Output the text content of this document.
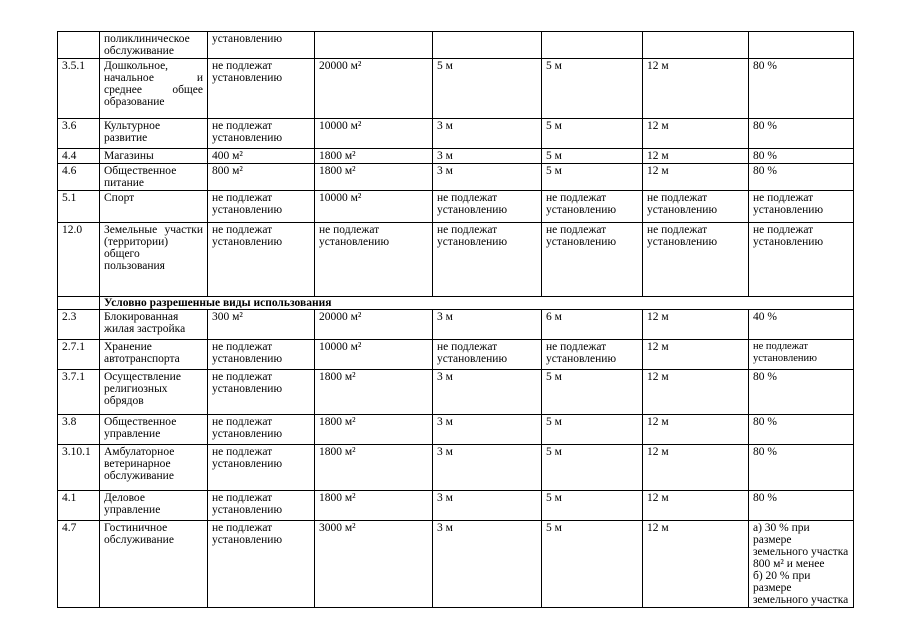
	поликлиническое обслуживание	установлению					
3.5.1	Дошкольное, начальное и среднее общее образование	не подлежат установлению	20000 м²	5 м	5 м	12 м	80 %
3.6	Культурное развитие	не подлежат установлению	10000 м²	3 м	5 м	12 м	80 %
4.4	Магазины	400 м²	1800 м²	3 м	5 м	12 м	80 %
4.6	Общественное питание	800 м²	1800 м²	3 м	5 м	12 м	80 %
5.1	Спорт	не подлежат установлению	10000 м²	не подлежат установлению	не подлежат установлению	не подлежат установлению	не подлежат установлению
12.0	Земельные участки (территории) общего пользования	не подлежат установлению	не подлежат установлению	не подлежат установлению	не подлежат установлению	не подлежат установлению	не подлежат установлению
	Условно разрешенные виды использования						
2.3	Блокированная жилая застройка	300 м²	20000 м²	3 м	6 м	12 м	40 %
2.7.1	Хранение автотранспорта	не подлежат установлению	10000 м²	не подлежат установлению	не подлежат установлению	12 м	не подлежат установлению
3.7.1	Осуществление религиозных обрядов	не подлежат установлению	1800 м²	3 м	5 м	12 м	80 %
3.8	Общественное управление	не подлежат установлению	1800 м²	3 м	5 м	12 м	80 %
3.10.1	Амбулаторное ветеринарное обслуживание	не подлежат установлению	1800 м²	3 м	5 м	12 м	80 %
4.1	Деловое управление	не подлежат установлению	1800 м²	3 м	5 м	12 м	80 %
4.7	Гостиничное обслуживание	не подлежат установлению	3000 м²	3 м	5 м	12 м	а) 30 % при размере земельного участка 800 м² и менее
б) 20 % при размере земельного участка
